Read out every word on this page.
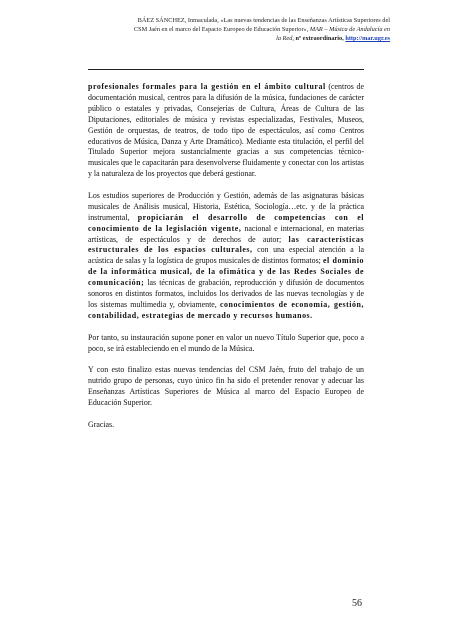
BÁEZ SÁNCHEZ, Inmaculada, «Las nuevas tendencias de las Enseñanzas Artísticas Superiores del
CSM Jaén en el marco del Espacio Europeo de Educación Superior», MAR – Música de Andalucía en
la Red, nº extraordinario, http://mar.ugr.es

profesionales formales para la gestión en el ámbito cultural (centros de documentación musical, centros para la difusión de la música, fundaciones de carácter público o estatales y privadas, Consejerías de Cultura, Áreas de Cultura de las Diputaciones, editoriales de música y revistas especializadas, Festivales, Museos, Gestión de orquestas, de teatros, de todo tipo de espectáculos, así como Centros educativos de Música, Danza y Arte Dramático). Mediante esta titulación, el perfil del Titulado Superior mejora sustancialmente gracias a sus competencias técnico-musicales que le capacitarán para desenvolverse fluidamente y conectar con los artistas y la naturaleza de los proyectos que deberá gestionar.

Los estudios superiores de Producción y Gestión, además de las asignaturas básicas musicales de Análisis musical, Historia, Estética, Sociología…etc. y de la práctica instrumental, propiciarán el desarrollo de competencias con el conocimiento de la legislación vigente, nacional e internacional, en materias artísticas, de espectáculos y de derechos de autor; las características estructurales de los espacios culturales, con una especial atención a la acústica de salas y la logística de grupos musicales de distintos formatos; el dominio de la informática musical, de la ofimática y de las Redes Sociales de comunicación; las técnicas de grabación, reproducción y difusión de documentos sonoros en distintos formatos, incluidos los derivados de las nuevas tecnologías y de los sistemas multimedia y, obviamente, conocimientos de economía, gestión, contabilidad, estrategias de mercado y recursos humanos.

Por tanto, su instauración supone poner en valor un nuevo Título Superior que, poco a poco, se irá estableciendo en el mundo de la Música.

Y con esto finalizo estas nuevas tendencias del CSM Jaén, fruto del trabajo de un nutrido grupo de personas, cuyo único fin ha sido el pretender renovar y adecuar las Enseñanzas Artísticas Superiores de Música al marco del Espacio Europeo de Educación Superior.

Gracias.

56
